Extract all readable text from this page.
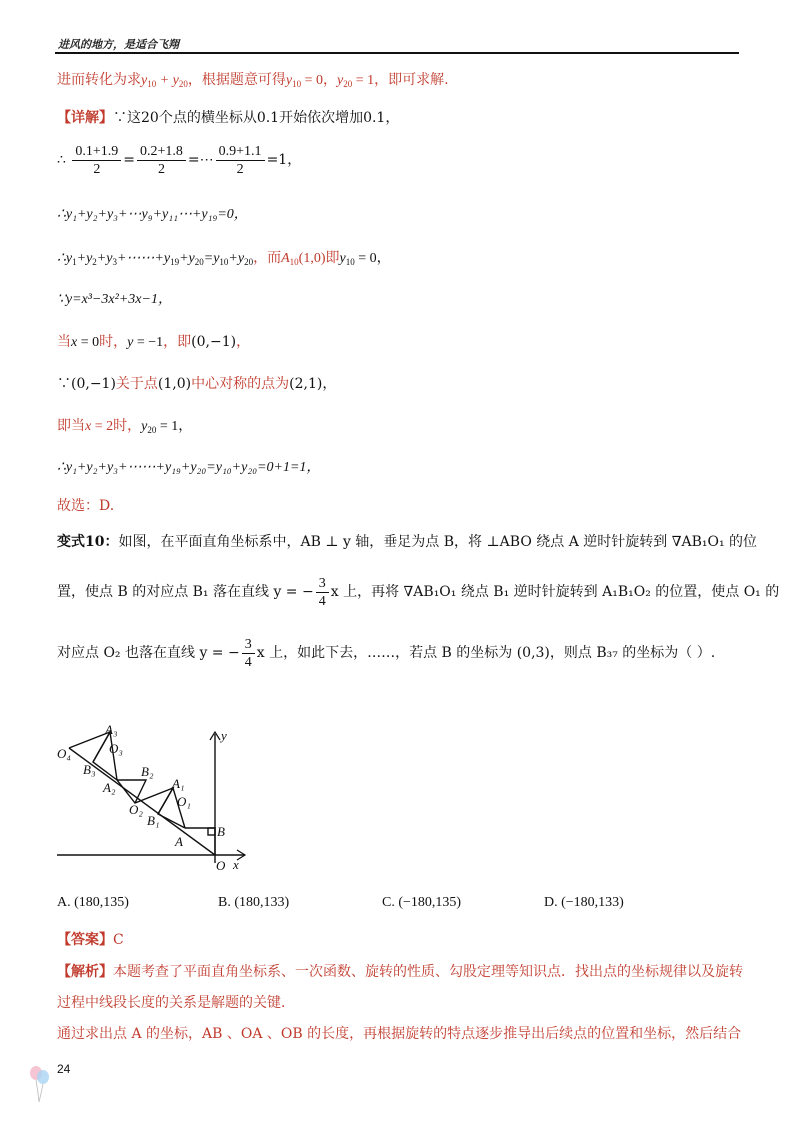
进风的地方，是适合飞翔
进而转化为求$y_{10} + y_{20}$，根据题意可得$y_{10} = 0$，$y_{20} = 1$，即可求解.
【详解】∵这20个点的横坐标从0.1开始依次增加0.1，
∴ $\frac{0.1+1.9}{2} = \frac{0.2+1.8}{2}$ =⋯ $\frac{0.9+1.1}{2} =1$，
∴y₁+y₂+y₃+⋯y₉+y₁₁⋯+y₁₉=0，
$\therefore y_1+y_2+y_3+\cdots\cdots+y_{19}+y_{20}=y_{10}+y_{20}$，而$A_{10}(1,0)$即$y_{10} = 0$，
∵y=x³−3x²+3x−1，
当x = 0时，y = −1，即(0,−1)，
∵(0,−1)关于点(1,0)中心对称的点为(2,1)，
即当x = 2时，$y_{20} = 1$，
∴y₁+y₂+y₃+⋯⋯+y₁₉+y₂₀=y₁₀+y₂₀=0+1=1，
故选：D.
变式10：如图，在平面直角坐标系中，AB ⊥ y 轴，垂足为点 B，将 ⊥ABO 绕点 A 逆时针旋转到 ∇AB₁O₁ 的位
置，使点 B 的对应点 B₁ 落在直线 y = − $\frac{3}{4}$ x 上，再将 ∇AB₁O₁ 绕点 B₁ 逆时针旋转到 A₁B₁O₂ 的位置，使点 O₁ 的
对应点 O₂ 也落在直线 y = − $\frac{3}{4}$ x 上，如此下去，……，若点 B 的坐标为 (0,3)，则点 B₃₇ 的坐标为（ ）.
y
x
O
B
A
O₁
A₁
B₁
O₂
A₂
B₂
B₃
O₃
A₃
O₄
A. (180,135)	B. (180,133)	C. (−180,135)	D. (−180,133)
【答案】C
【解析】本题考查了平面直角坐标系、一次函数、旋转的性质、勾股定理等知识点．找出点的坐标规律以及旋转
过程中线段长度的关系是解题的关键．
通过求出点 A 的坐标，AB 、OA 、OB 的长度，再根据旋转的特点逐步推导出后续点的位置和坐标，然后结合
24
